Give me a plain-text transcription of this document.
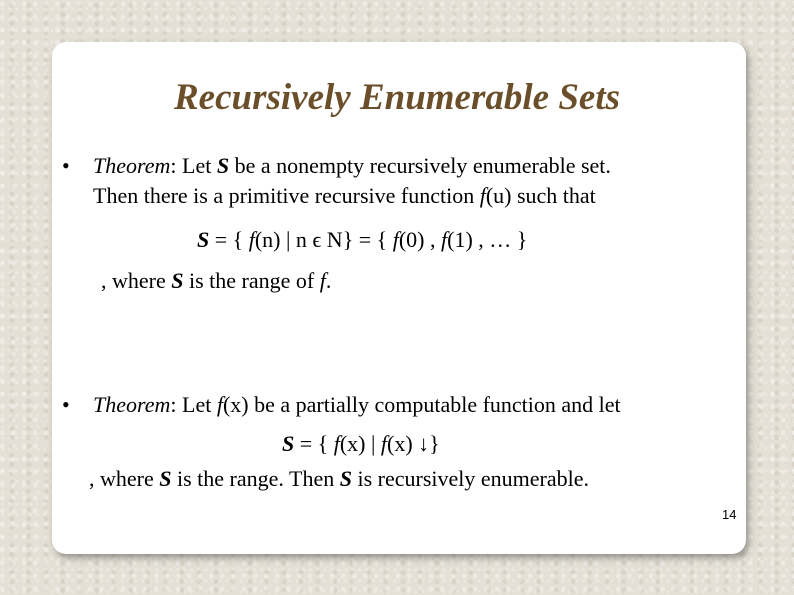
Recursively Enumerable Sets
• Theorem: Let S be a nonempty recursively enumerable set.
Then there is a primitive recursive function f(u) such that
S = { f(n) | n ϵ N} = { f(0) , f(1) , … }
, where S is the range of f.
• Theorem: Let f(x) be a partially computable function and let
S = { f(x) | f(x) ↓}
, where S is the range. Then S is recursively enumerable.
14
